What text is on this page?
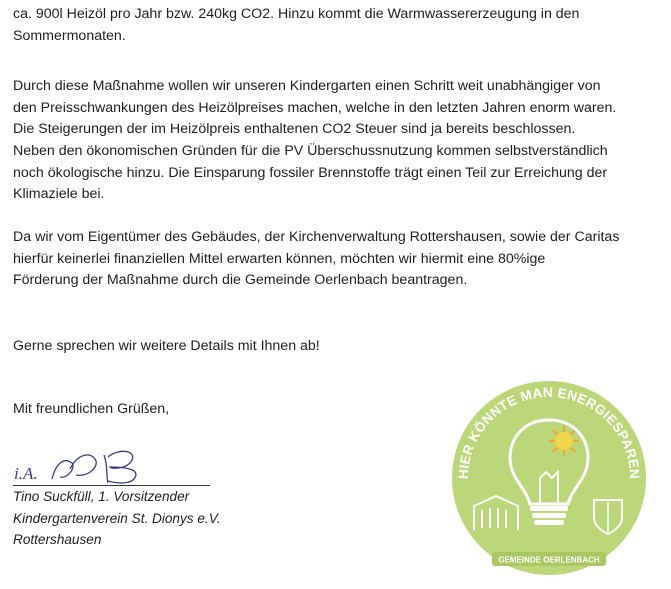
ca. 900l Heizöl pro Jahr bzw. 240kg CO2. Hinzu kommt die Warmwassererzeugung in den
Sommermonaten.

Durch diese Maßnahme wollen wir unseren Kindergarten einen Schritt weit unabhängiger von
den Preisschwankungen des Heizölpreises machen, welche in den letzten Jahren enorm waren.
Die Steigerungen der im Heizölpreis enthaltenen CO2 Steuer sind ja bereits beschlossen.

Neben den ökonomischen Gründen für die PV Überschussnutzung kommen selbstverständlich
noch ökologische hinzu. Die Einsparung fossiler Brennstoffe trägt einen Teil zur Erreichung der
Klimaziele bei.

Da wir vom Eigentümer des Gebäudes, der Kirchenverwaltung Rottershausen, sowie der Caritas
hierfür keinerlei finanziellen Mittel erwarten können, möchten wir hiermit eine 80%ige
Förderung der Maßnahme durch die Gemeinde Oerlenbach beantragen.

Gerne sprechen wir weitere Details mit Ihnen ab!

Mit freundlichen Grüßen,

i.A.
Tino Suckfüll, 1. Vorsitzender
Kindergartenverein St. Dionys e.V.
Rottershausen
HIER KÖNNTE MAN ENERGIESPAREN
GEMEINDE OERLENBACH
